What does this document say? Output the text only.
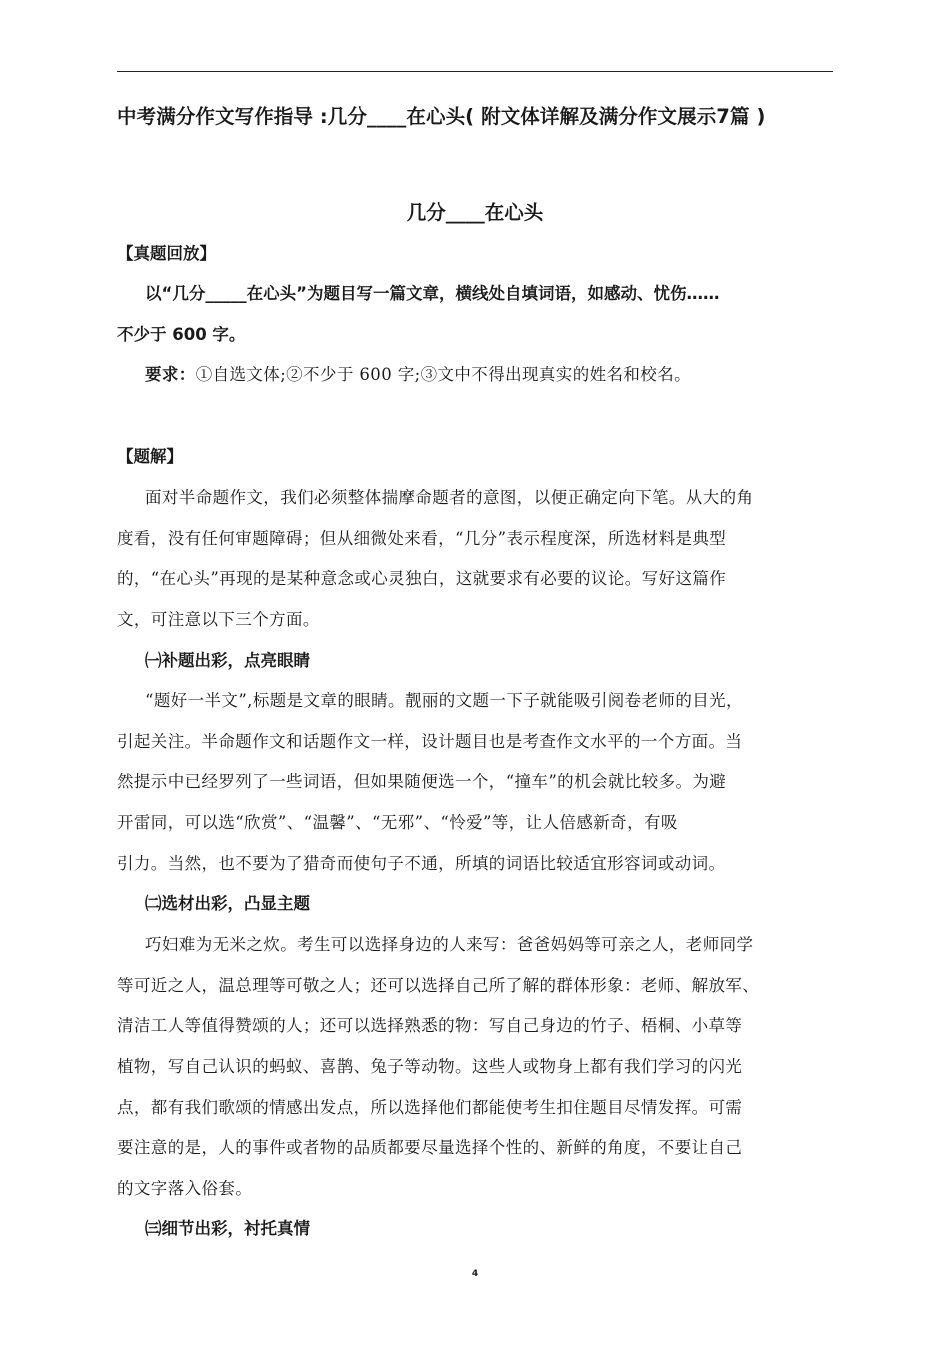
中考满分作文写作指导 :几分____在心头( 附文体详解及满分作文展示7篇 )
几分____在心头
【真题回放】
以“几分_____在心头”为题目写一篇文章，横线处自填词语，如感动、忧伤……
不少于 600 字。
要求：①自选文体;②不少于 600 字;③文中不得出现真实的姓名和校名。
【题解】
面对半命题作文，我们必须整体揣摩命题者的意图，以便正确定向下笔。从大的角
度看，没有任何审题障碍；但从细微处来看，“几分”表示程度深，所选材料是典型
的，“在心头”再现的是某种意念或心灵独白，这就要求有必要的议论。写好这篇作
文，可注意以下三个方面。
㈠补题出彩，点亮眼睛
“题好一半文”,标题是文章的眼睛。靓丽的文题一下子就能吸引阅卷老师的目光，
引起关注。半命题作文和话题作文一样，设计题目也是考查作文水平的一个方面。当
然提示中已经罗列了一些词语，但如果随便选一个，“撞车”的机会就比较多。为避
开雷同，可以选“欣赏”、“温馨”、“无邪”、“怜爱”等，让人倍感新奇，有吸
引力。当然，也不要为了猎奇而使句子不通，所填的词语比较适宜形容词或动词。
㈡选材出彩，凸显主题
巧妇难为无米之炊。考生可以选择身边的人来写：爸爸妈妈等可亲之人，老师同学
等可近之人，温总理等可敬之人；还可以选择自己所了解的群体形象：老师、解放军、
清洁工人等值得赞颂的人；还可以选择熟悉的物：写自己身边的竹子、梧桐、小草等
植物，写自己认识的蚂蚁、喜鹊、兔子等动物。这些人或物身上都有我们学习的闪光
点，都有我们歌颂的情感出发点，所以选择他们都能使考生扣住题目尽情发挥。可需
要注意的是，人的事件或者物的品质都要尽量选择个性的、新鲜的角度，不要让自己
的文字落入俗套。
㈢细节出彩，衬托真情
4
